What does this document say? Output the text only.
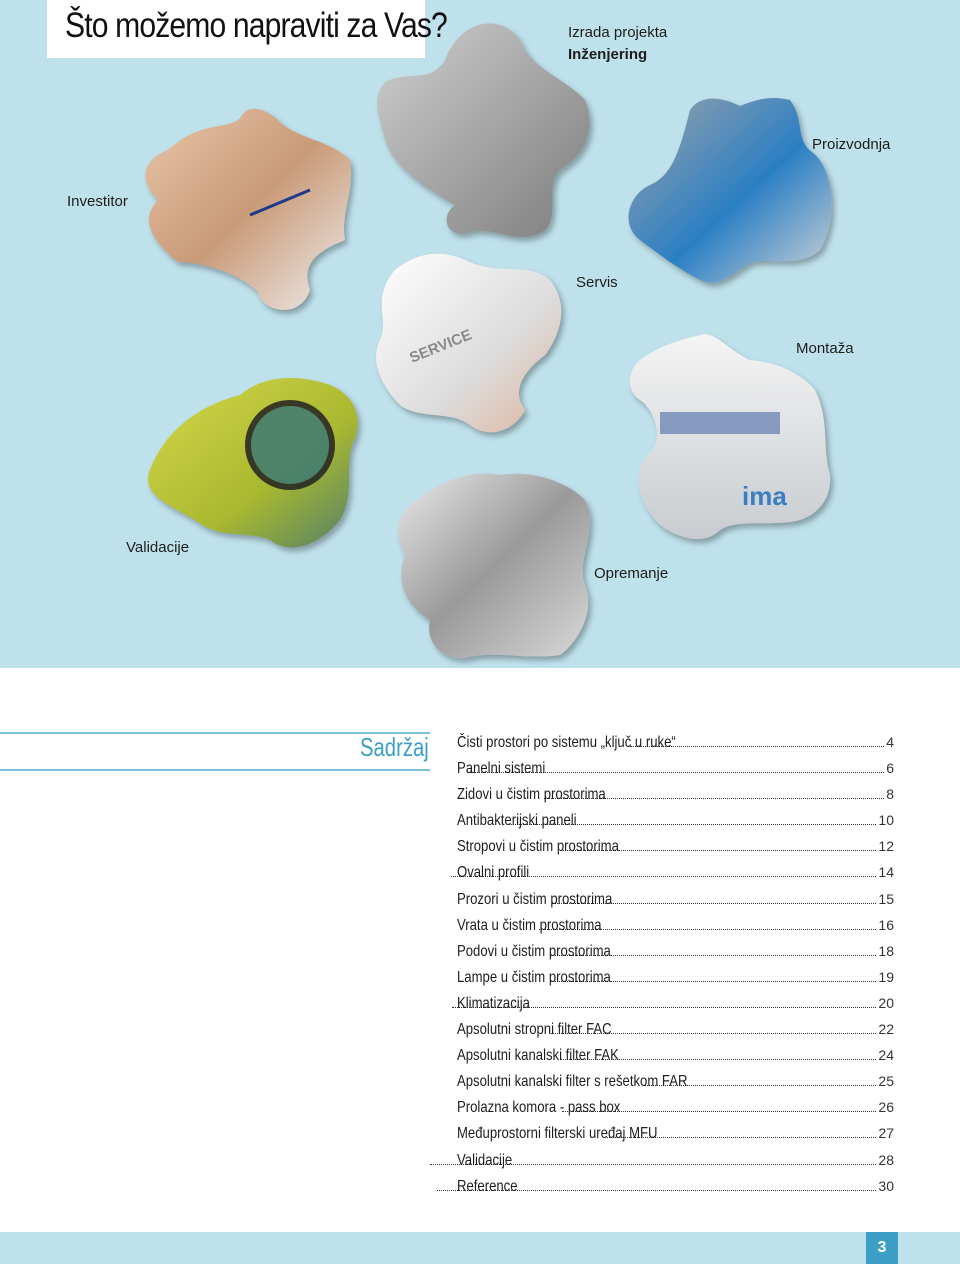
Što možemo napraviti za Vas?
SERVICE
ima
Izrada projekta
Inženjering
Proizvodnja
Investitor
Servis
Montaža
Validacije
Opremanje
Sadržaj Čisti prostori po sistemu „ključ u ruke“	4
Panelni sistemi	6
Zidovi u čistim prostorima	8
Antibakterijski paneli	10
Stropovi u čistim prostorima	12
Ovalni profili	14
Prozori u čistim prostorima	15
Vrata u čistim prostorima	16
Podovi u čistim prostorima	18
Lampe u čistim prostorima	19
Klimatizacija	20
Apsolutni stropni filter FAC	22
Apsolutni kanalski filter FAK	24
Apsolutni kanalski filter s rešetkom FAR	25
Prolazna komora - pass box	26
Međuprostorni filterski uređaj MFU	27
Validacije	28
Reference	30
3
